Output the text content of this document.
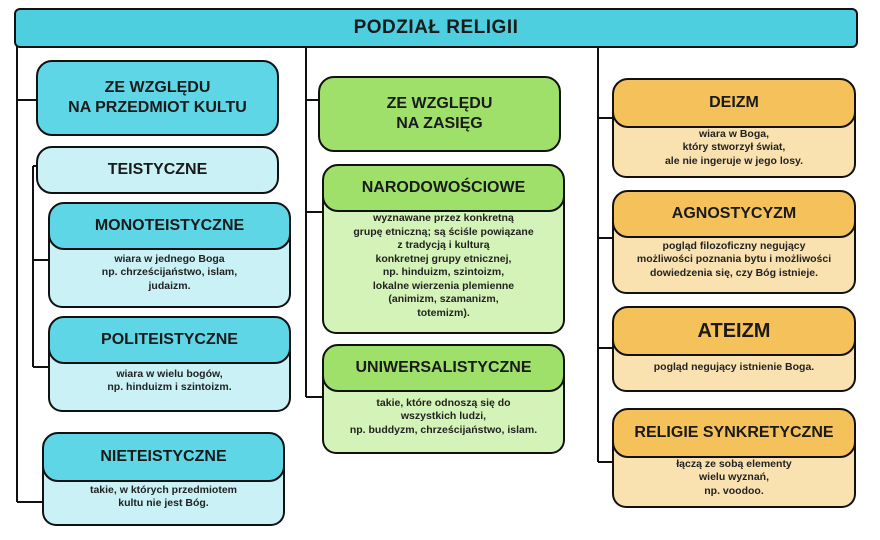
PODZIAŁ RELIGII
ZE WZGLĘDU
NA PRZEDMIOT KULTU
TEISTYCZNE
wiara w jednego Boga
np. chrześcijaństwo, islam,
judaizm.
MONOTEISTYCZNE
wiara w wielu bogów,
np. hinduizm i szintoizm.
POLITEISTYCZNE
takie, w których przedmiotem
kultu nie jest Bóg.
NIETEISTYCZNE
ZE WZGLĘDU
NA ZASIĘG
wyznawane przez konkretną
grupę etniczną; są ściśle powiązane
z tradycją i kulturą
konkretnej grupy etnicznej,
np. hinduizm, szintoizm,
lokalne wierzenia plemienne
(animizm, szamanizm,
totemizm).
NARODOWOŚCIOWE
takie, które odnoszą się do
wszystkich ludzi,
np. buddyzm, chrześcijaństwo, islam.
UNIWERSALISTYCZNE
wiara w Boga,
który stworzył świat,
ale nie ingeruje w jego losy.
DEIZM
pogląd filozoficzny negujący
możliwości poznania bytu i możliwości
dowiedzenia się, czy Bóg istnieje.
AGNOSTYCYZM
pogląd negujący istnienie Boga.
ATEIZM
łączą ze sobą elementy
wielu wyznań,
np. voodoo.
RELIGIE SYNKRETYCZNE
